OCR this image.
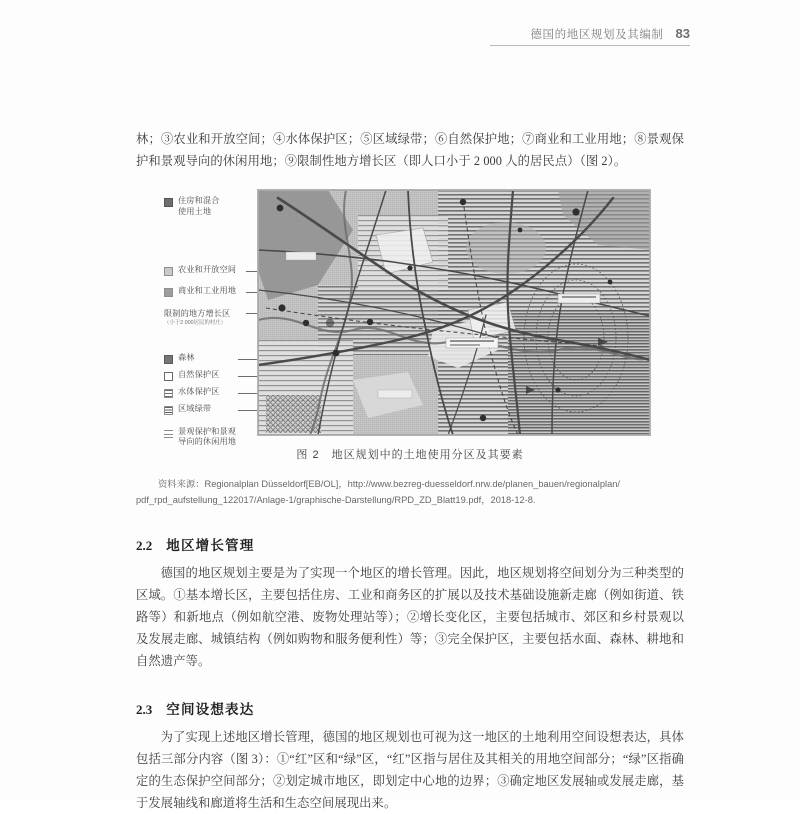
德国的地区规划及其编制 83

林；③农业和开放空间；④水体保护区；⑤区域绿带；⑥自然保护地；⑦商业和工业用地；⑧景观保护和景观导向的休闲用地；⑨限制性地方增长区（即人口小于 2 000 人的居民点）（图 2）。

住房和混合
使用土地
农业和开放空间
商业和工业用地
限制的地方增长区
（小于2 000居民的村庄）
森林
自然保护区
水体保护区
区域绿带
景观保护和景观
导向的休闲用地
图 2　地区规划中的土地使用分区及其要素
资料来源：Regionalplan Düsseldorf[EB/OL]，http://www.bezreg-duesseldorf.nrw.de/planen_bauen/regionalplan/
pdf_rpd_aufstellung_122017/Anlage-1/graphische-Darstellung/RPD_ZD_Blatt19.pdf，2018-12-8.
2.2 地区增长管理

德国的地区规划主要是为了实现一个地区的增长管理。因此，地区规划将空间划分为三种类型的区域。①基本增长区，主要包括住房、工业和商务区的扩展以及技术基础设施新走廊（例如街道、铁路等）和新地点（例如航空港、废物处理站等）；②增长变化区，主要包括城市、郊区和乡村景观以及发展走廊、城镇结构（例如购物和服务便利性）等；③完全保护区，主要包括水面、森林、耕地和自然遗产等。

2.3 空间设想表达

为了实现上述地区增长管理，德国的地区规划也可视为这一地区的土地利用空间设想表达，具体包括三部分内容（图 3）：①“红”区和“绿”区，“红”区指与居住及其相关的用地空间部分；“绿”区指确定的生态保护空间部分；②划定城市地区，即划定中心地的边界；③确定地区发展轴或发展走廊，基于发展轴线和廊道将生活和生态空间展现出来。
